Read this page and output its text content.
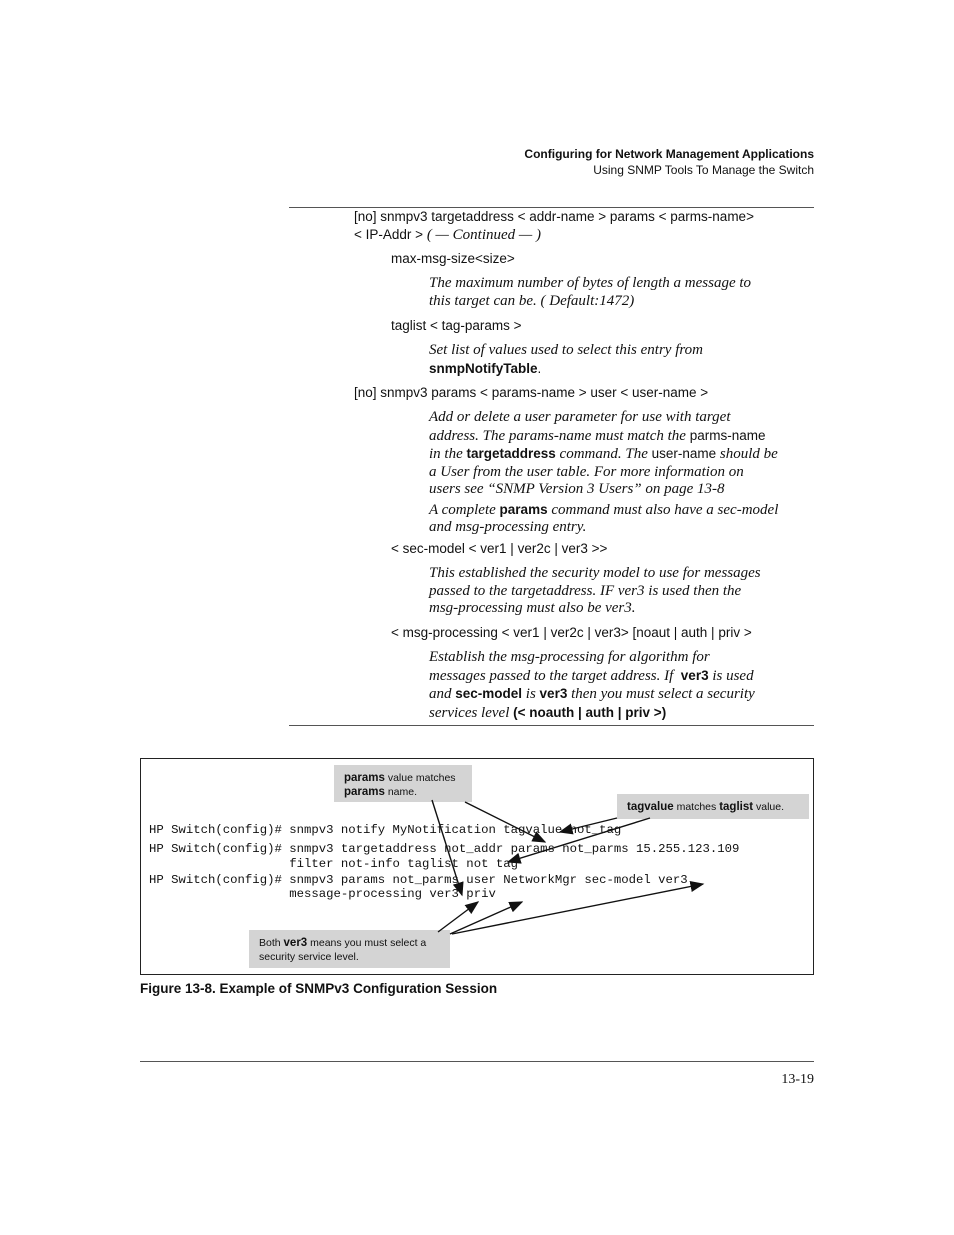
Configuring for Network Management Applications
Using SNMP Tools To Manage the Switch
[no] snmpv3 targetaddress < addr-name > params < parms-name>
< IP-Addr > ( — Continued — )
max-msg-size<size>
The maximum number of bytes of length a message to
this target can be. ( Default:1472)
taglist < tag-params >
Set list of values used to select this entry from
snmpNotifyTable.
[no] snmpv3 params < params-name > user < user-name >
Add or delete a user parameter for use with target
address. The params-name must match the parms-name
in the targetaddress command. The user-name should be
a User from the user table. For more information on
users see “SNMP Version 3 Users” on page 13-8
A complete params command must also have a sec-model
and msg-processing entry.
< sec-model < ver1 | ver2c | ver3 >>
This established the security model to use for messages
passed to the targetaddress. IF ver3 is used then the
msg-processing must also be ver3.
< msg-processing < ver1 | ver2c | ver3> [noaut | auth | priv >
Establish the msg-processing for algorithm for
messages passed to the target address. If ver3 is used
and sec-model is ver3 then you must select a security
services level (< noauth | auth | priv >)
HP Switch(config)# snmpv3 notify MyNotification tagvalue not_tag
HP Switch(config)# snmpv3 targetaddress not_addr params not_parms 15.255.123.109
filter not-info taglist not tag
HP Switch(config)# snmpv3 params not_parms user NetworkMgr sec-model ver3
message-processing ver3 priv
params value matches
params name.
tagvalue matches taglist value.
Both ver3 means you must select a
security service level.
Figure 13-8. Example of SNMPv3 Configuration Session
13-19
